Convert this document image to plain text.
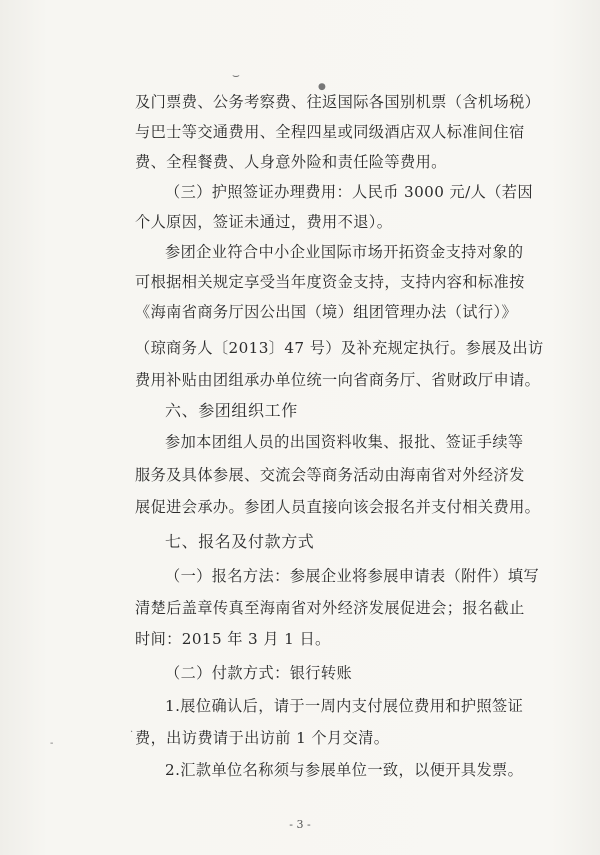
⌣
●
及门票费、公务考察费、往返国际各国别机票（含机场税）
与巴士等交通费用、全程四星或同级酒店双人标准间住宿
费、全程餐费、人身意外险和责任险等费用。
（三）护照签证办理费用：人民币 3000 元/人（若因
个人原因，签证未通过，费用不退）。
参团企业符合中小企业国际市场开拓资金支持对象的
可根据相关规定享受当年度资金支持，支持内容和标准按
《海南省商务厅因公出国（境）组团管理办法（试行）》
（琼商务人〔2013〕47 号）及补充规定执行。参展及出访
费用补贴由团组承办单位统一向省商务厅、省财政厅申请。
六、参团组织工作
参加本团组人员的出国资料收集、报批、签证手续等
服务及具体参展、交流会等商务活动由海南省对外经济发
展促进会承办。参团人员直接向该会报名并支付相关费用。
七、报名及付款方式
（一）报名方法：参展企业将参展申请表（附件）填写
清楚后盖章传真至海南省对外经济发展促进会；报名截止
时间：2015 年 3 月 1 日。
（二）付款方式：银行转账
1.展位确认后，请于一周内支付展位费用和护照签证
费，出访费请于出访前 1 个月交清。
2.汇款单位名称须与参展单位一致，以便开具发票。
·
-
- 3 -
